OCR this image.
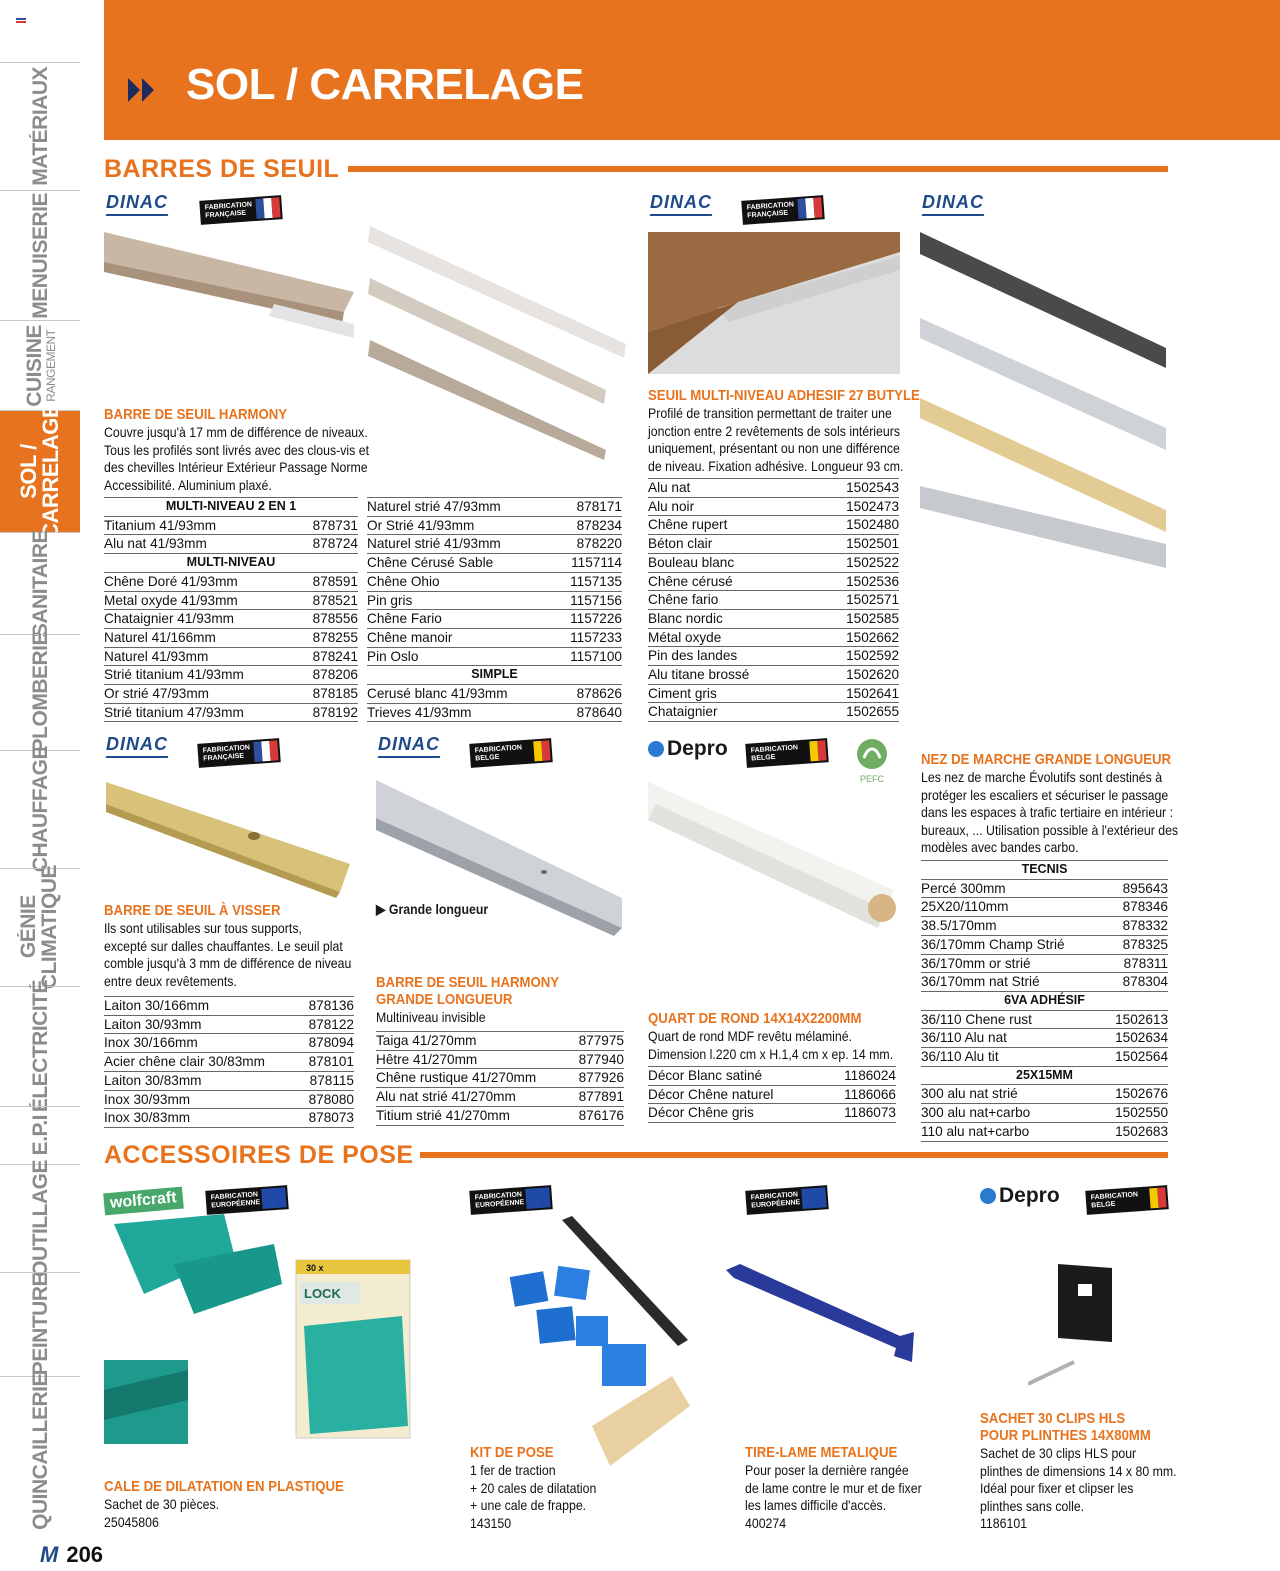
MATÉRIAUX
MENUISERIE
CUISINE
RANGEMENT
SOL / CARRELAGE
SANITAIRE
PLOMBERIE
CHAUFFAGE
GÉNIE CLIMATIQUE
ÉLECTRICITÉ
E.P.I
OUTILLAGE
PEINTURE
QUINCAILLERIE
SOL / CARRELAGE
BARRES DE SEUIL
DINAC	FABRICATION
FRANÇAISE
DINAC	FABRICATION
FRANÇAISE
DINAC
BARRE DE SEUIL HARMONY

Couvre jusqu'à 17 mm de différence de niveaux.

Tous les profilés sont livrés avec des clous-vis et

des chevilles Intérieur Extérieur Passage Norme

Accessibilité. Aluminium plaxé.

MULTI-NIVEAU 2 EN 1	
Titanium 41/93mm	878731
Alu nat 41/93mm	878724
MULTI-NIVEAU	
Chêne Doré 41/93mm	878591
Metal oxyde 41/93mm	878521
Chataignier 41/93mm	878556
Naturel 41/166mm	878255
Naturel 41/93mm	878241
Strié titanium 41/93mm	878206
Or strié 47/93mm	878185
Strié titanium 47/93mm	878192
Naturel strié 47/93mm	878171
Or Strié 41/93mm	878234
Naturel strié 41/93mm	878220
Chêne Cérusé Sable	1157114
Chêne Ohio	1157135
Pin gris	1157156
Chêne Fario	1157226
Chêne manoir	1157233
Pin Oslo	1157100
SIMPLE	
Cerusé blanc 41/93mm	878626
Trieves 41/93mm	878640
SEUIL MULTI-NIVEAU ADHESIF 27 BUTYLE

Profilé de transition permettant de traiter une

jonction entre 2 revêtements de sols intérieurs

uniquement, présentant ou non une différence

de niveau. Fixation adhésive. Longueur 93 cm.

Alu nat	1502543
Alu noir	1502473
Chêne rupert	1502480
Béton clair	1502501
Bouleau blanc	1502522
Chêne cérusé	1502536
Chêne fario	1502571
Blanc nordic	1502585
Métal oxyde	1502662
Pin des landes	1502592
Alu titane brossé	1502620
Ciment gris	1502641
Chataignier	1502655
DINAC	FABRICATION
FRANÇAISE
DINAC	FABRICATION
BELGE	Depro	FABRICATION
BELGE
PEFC
BARRE DE SEUIL À VISSER

Ils sont utilisables sur tous supports,

excepté sur dalles chauffantes. Le seuil plat

comble jusqu'à 3 mm de différence de niveau

entre deux revêtements.

Laiton 30/166mm	878136
Laiton 30/93mm	878122
Inox 30/166mm	878094
Acier chêne clair 30/83mm	878101
Laiton 30/83mm	878115
Inox 30/93mm	878080
Inox 30/83mm	878073
▶ Grande longueur
BARRE DE SEUIL HARMONY
GRANDE LONGUEUR

Multiniveau invisible

Taiga 41/270mm	877975
Hêtre 41/270mm	877940
Chêne rustique 41/270mm	877926
Alu nat strié 41/270mm	877891
Titium strié 41/270mm	876176
QUART DE ROND 14X14X2200MM

Quart de rond MDF revêtu mélaminé.

Dimension l.220 cm x H.1,4 cm x ep. 14 mm.

Décor Blanc satiné	1186024
Décor Chêne naturel	1186066
Décor Chêne gris	1186073
NEZ DE MARCHE GRANDE LONGUEUR

Les nez de marche Évolutifs sont destinés à

protéger les escaliers et sécuriser le passage

dans les espaces à trafic tertiaire en intérieur :

bureaux, ... Utilisation possible à l'extérieur des

modèles avec bandes carbo.

TECNIS	
Percé 300mm	895643
25X20/110mm	878346
38.5/170mm	878332
36/170mm Champ Strié	878325
36/170mm or strié	878311
36/170mm nat Strié	878304
6VA ADHÉSIF	
36/110 Chene rust	1502613
36/110 Alu nat	1502634
36/110 Alu tit	1502564
25X15MM	
300 alu nat strié	1502676
300 alu nat+carbo	1502550
110 alu nat+carbo	1502683
ACCESSOIRES DE POSE
wolfcraft	FABRICATION
EUROPÉENNE
FABRICATION
EUROPÉENNE
FABRICATION
EUROPÉENNE	Depro	FABRICATION
BELGE
30 x
LOCK
CALE DE DILATATION EN PLASTIQUE

Sachet de 30 pièces.

25045806

KIT DE POSE

1 fer de traction

+ 20 cales de dilatation

+ une cale de frappe.

143150

TIRE-LAME METALIQUE

Pour poser la dernière rangée

de lame contre le mur et de fixer

les lames difficile d'accès.

400274

SACHET 30 CLIPS HLS
POUR PLINTHES 14X80MM

Sachet de 30 clips HLS pour

plinthes de dimensions 14 x 80 mm.

Idéal pour fixer et clipser les

plinthes sans colle.

1186101

M 206
